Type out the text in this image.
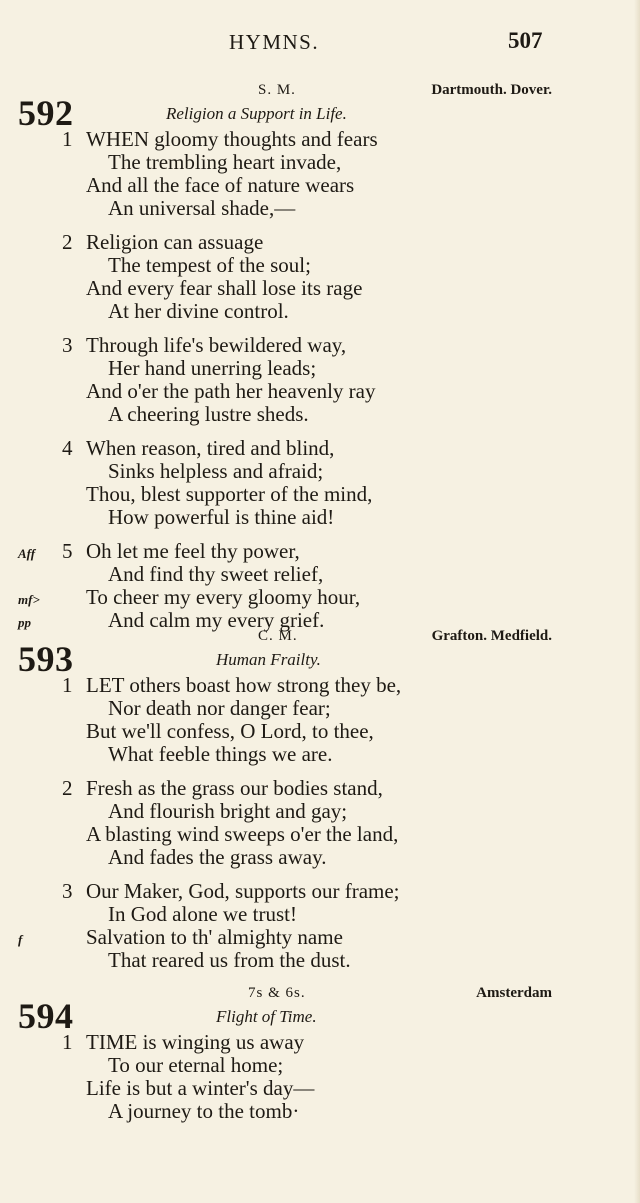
HYMNS.	507
S. M.	Dartmouth. Dover.
592	Religion a Support in Life.
1 WHEN gloomy thoughts and fears
The trembling heart invade,
And all the face of nature wears
An universal shade,—
2 Religion can assuage
The tempest of the soul;
And every fear shall lose its rage
At her divine control.
3 Through life's bewildered way,
Her hand unerring leads;
And o'er the path her heavenly ray
A cheering lustre sheds.
4 When reason, tired and blind,
Sinks helpless and afraid;
Thou, blest supporter of the mind,
How powerful is thine aid!
Aff 5 Oh let me feel thy power,
And find thy sweet relief,
mf> To cheer my every gloomy hour,
pp	And calm my every grief.
C. M.	Grafton. Medfield.
593	Human Frailty.
1 LET others boast how strong they be,
Nor death nor danger fear;
But we'll confess, O Lord, to thee,
What feeble things we are.
2 Fresh as the grass our bodies stand,
And flourish bright and gay;
A blasting wind sweeps o'er the land,
And fades the grass away.
3 Our Maker, God, supports our frame;
In God alone we trust!
f	Salvation to th' almighty name
That reared us from the dust.
7s & 6s.	Amsterdam
594	Flight of Time.
1 TIME is winging us away
To our eternal home;
Life is but a winter's day—
A journey to the tomb·
